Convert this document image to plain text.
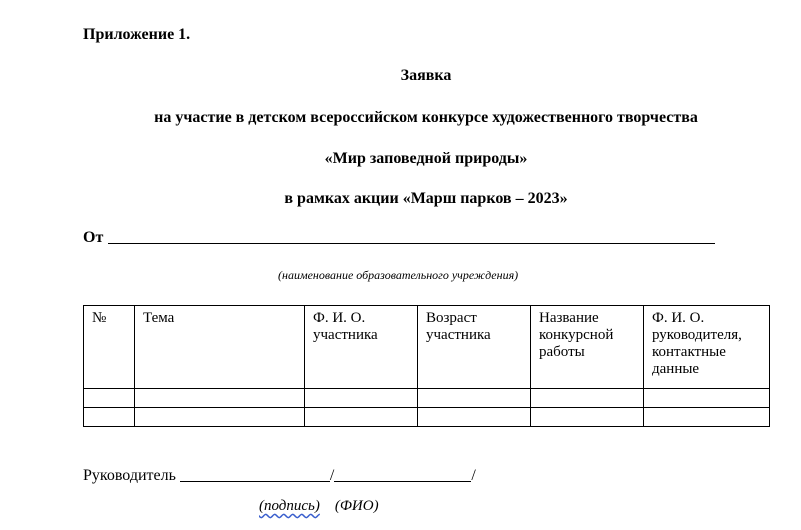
Приложение 1.
Заявка
на участие в детском всероссийском конкурсе художественного творчества
«Мир заповедной природы»
в рамках акции «Марш парков – 2023»
От
(наименование образовательного учреждения)
№	Тема	Ф. И. О. участника	Возраст участника	Название конкурсной работы	Ф. И. О. руководителя, контактные данные

Руководитель	/	/
(подпись) (ФИО)
